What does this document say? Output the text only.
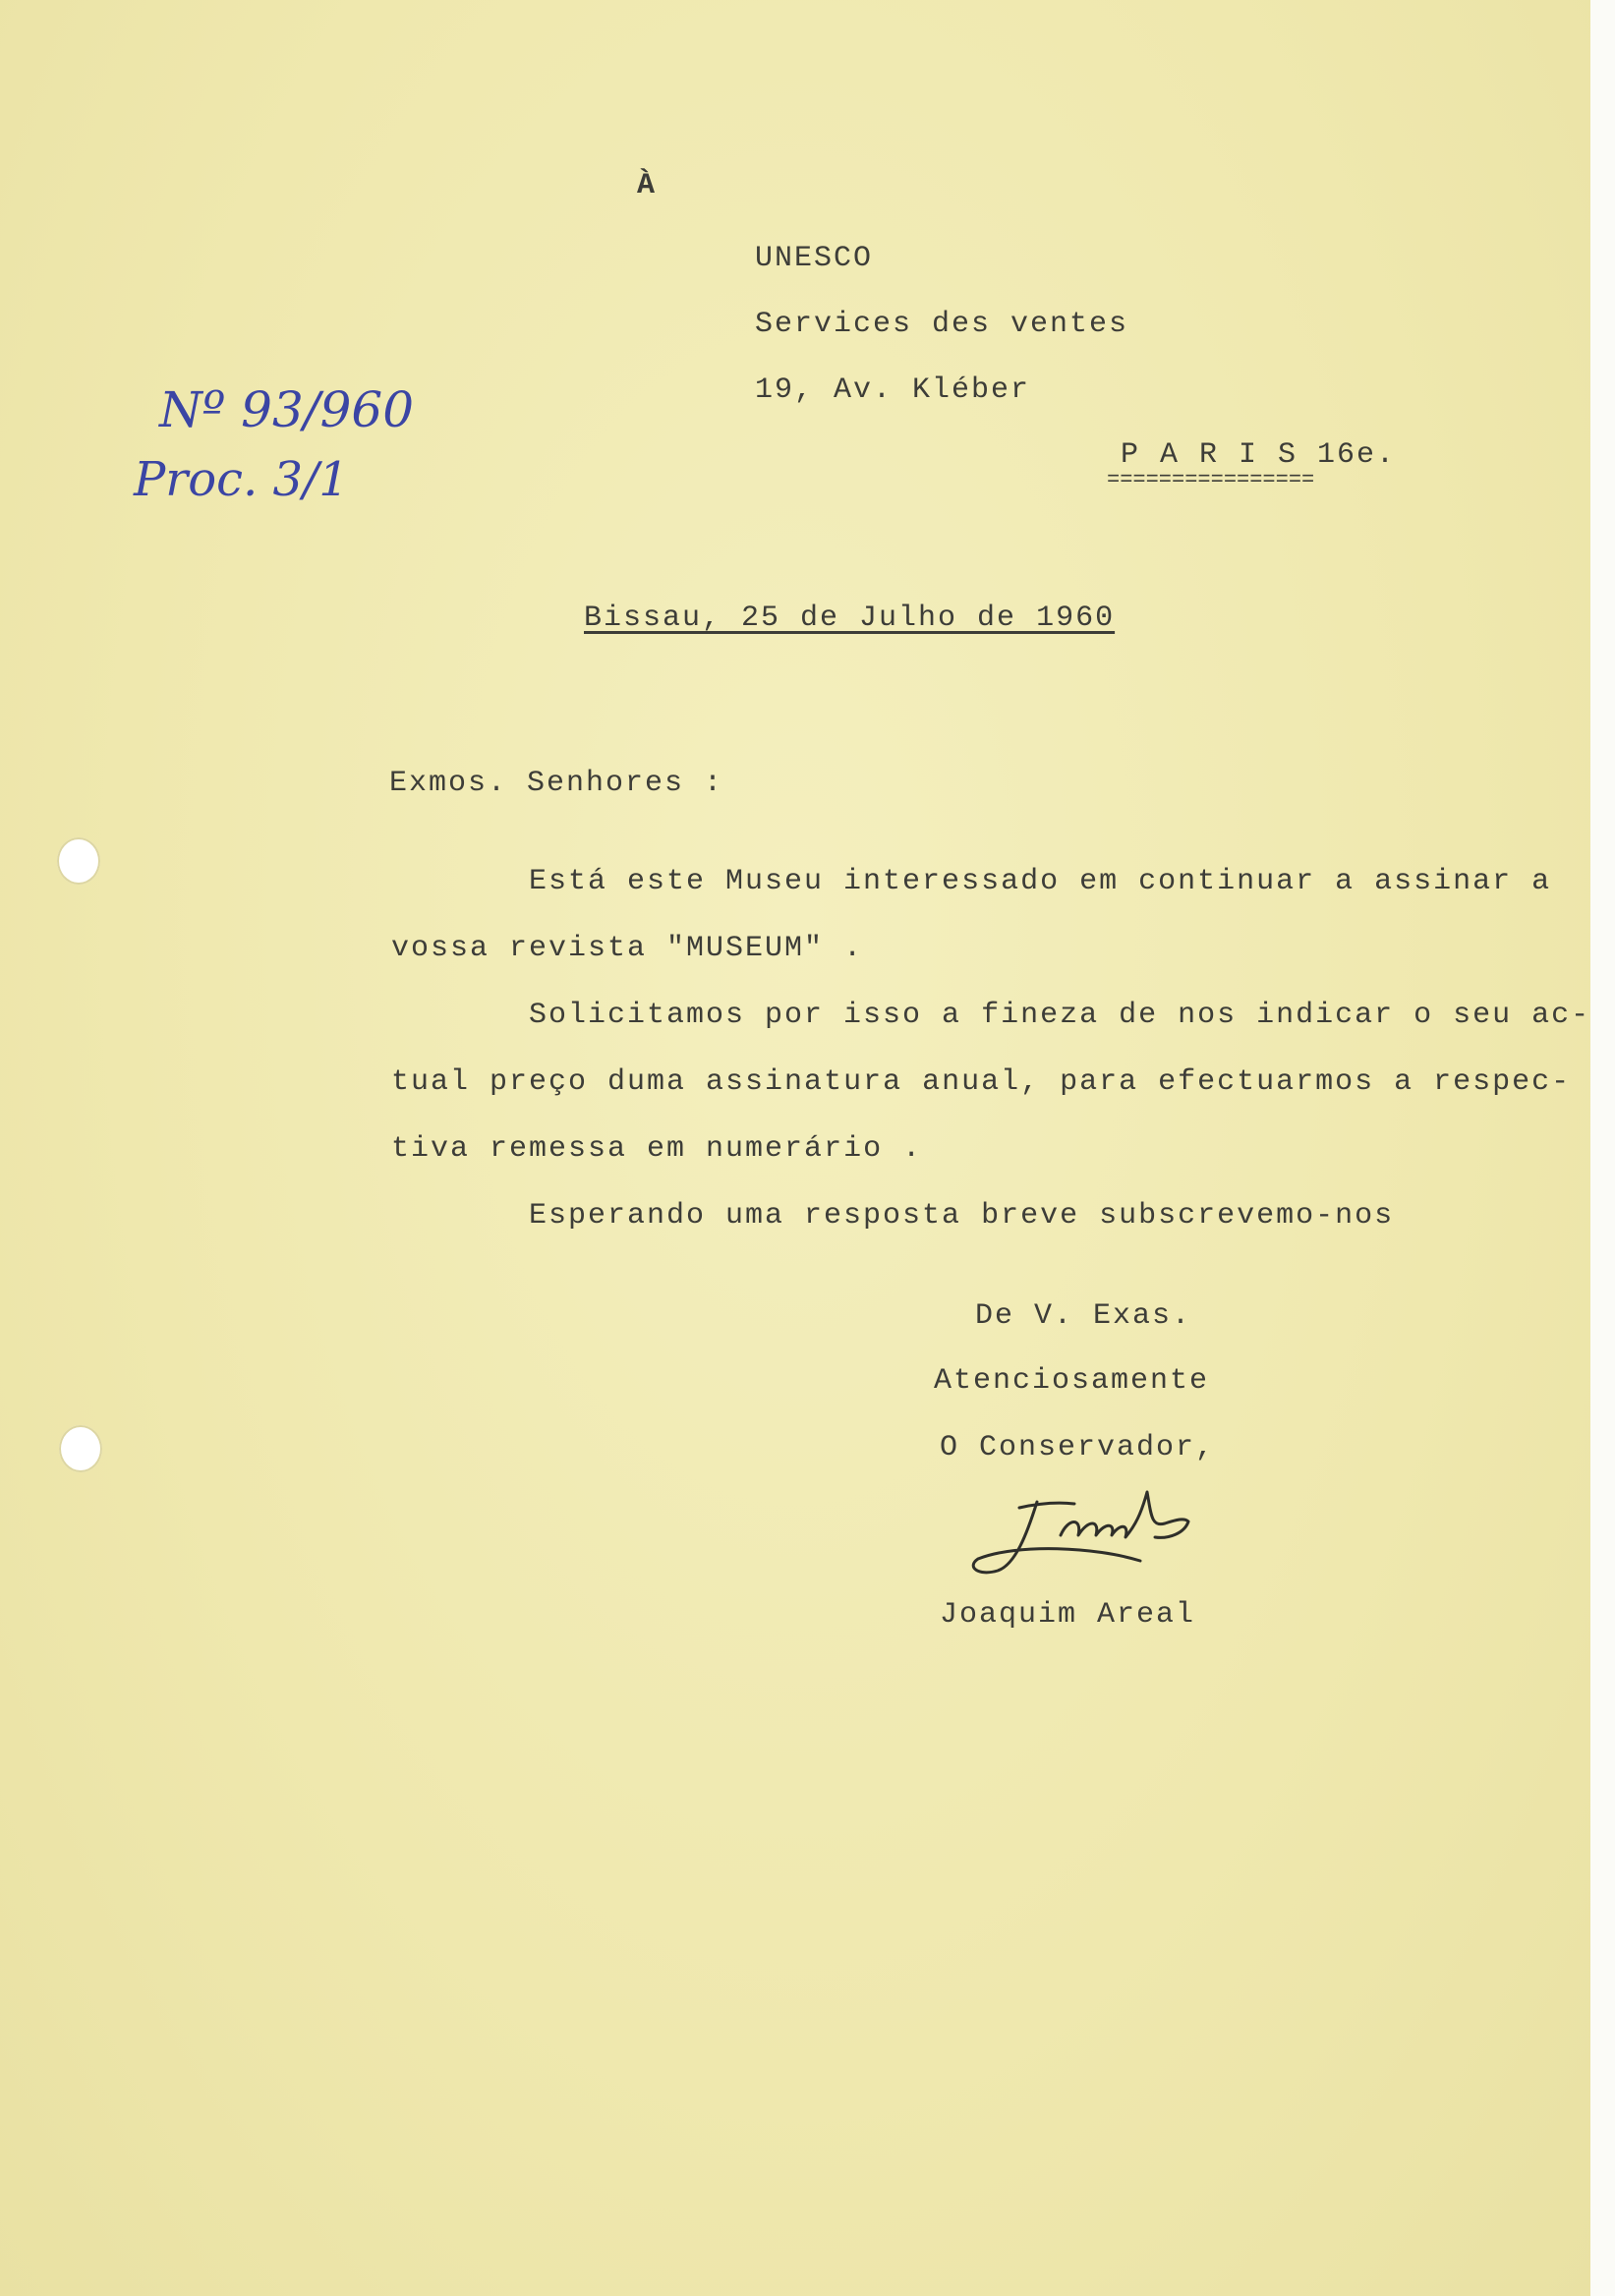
À
UNESCO
Services des ventes
19, Av. Kléber
P A R I S 16e.
================
Nº 93/960
Proc. 3/1
Bissau, 25 de Julho de 1960
Exmos. Senhores :
Está este Museu interessado em continuar a assinar a
vossa revista "MUSEUM" .
Solicitamos por isso a fineza de nos indicar o seu ac-
tual preço duma assinatura anual, para efectuarmos a respec-
tiva remessa em numerário .
Esperando uma resposta breve subscrevemo-nos
De V. Exas.
Atenciosamente
O Conservador,
Joaquim Areal
